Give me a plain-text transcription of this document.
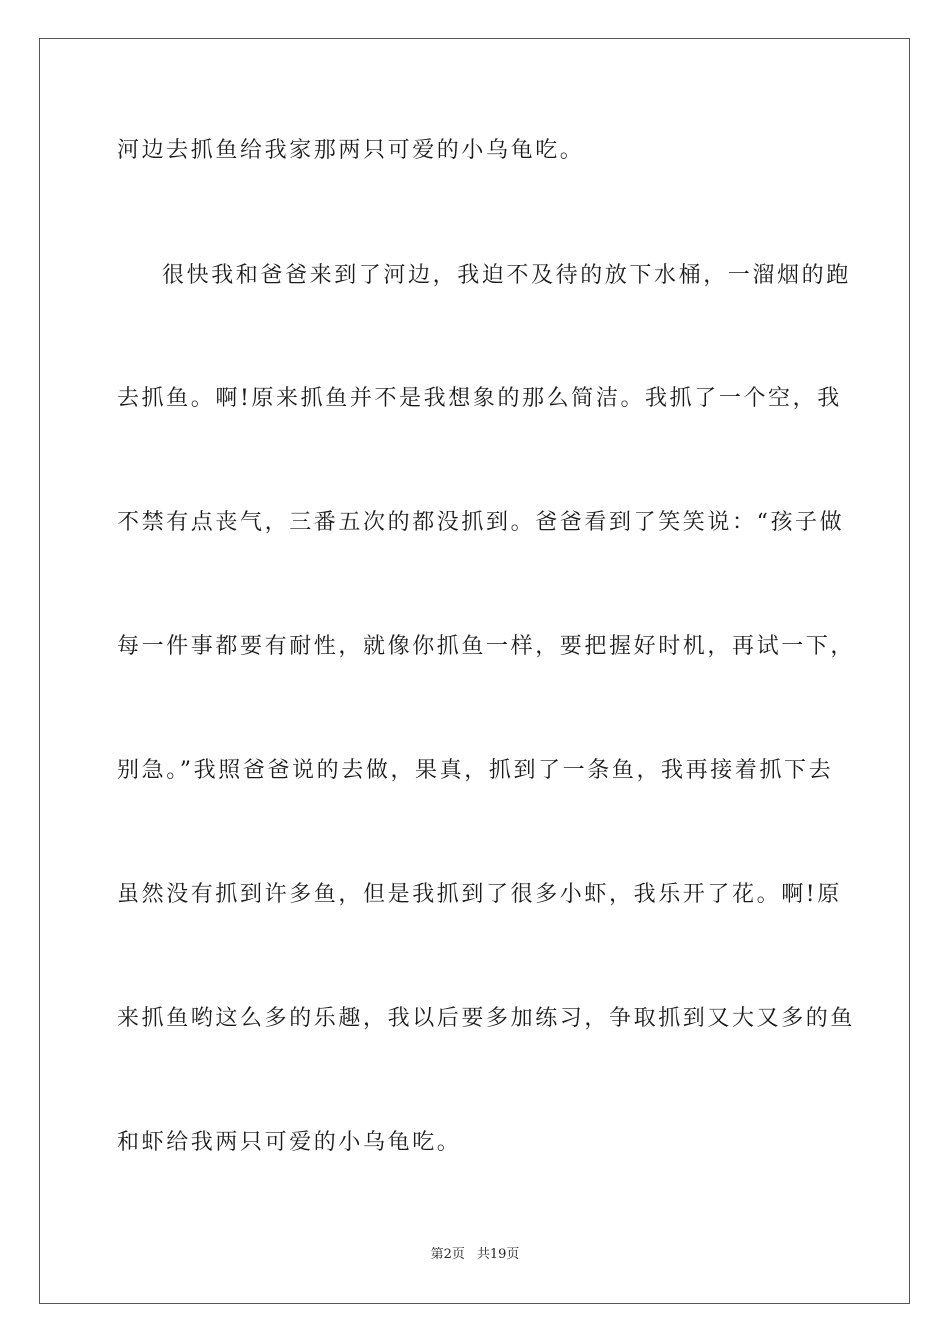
河边去抓鱼给我家那两只可爱的小乌龟吃。
很快我和爸爸来到了河边，我迫不及待的放下水桶，一溜烟的跑
去抓鱼。啊!原来抓鱼并不是我想象的那么简洁。我抓了一个空，我
不禁有点丧气，三番五次的都没抓到。爸爸看到了笑笑说：“孩子做
每一件事都要有耐性，就像你抓鱼一样，要把握好时机，再试一下，
别急。”我照爸爸说的去做，果真，抓到了一条鱼，我再接着抓下去
虽然没有抓到许多鱼，但是我抓到了很多小虾，我乐开了花。啊!原
来抓鱼哟这么多的乐趣，我以后要多加练习，争取抓到又大又多的鱼
和虾给我两只可爱的小乌龟吃。
第2页 共19页
